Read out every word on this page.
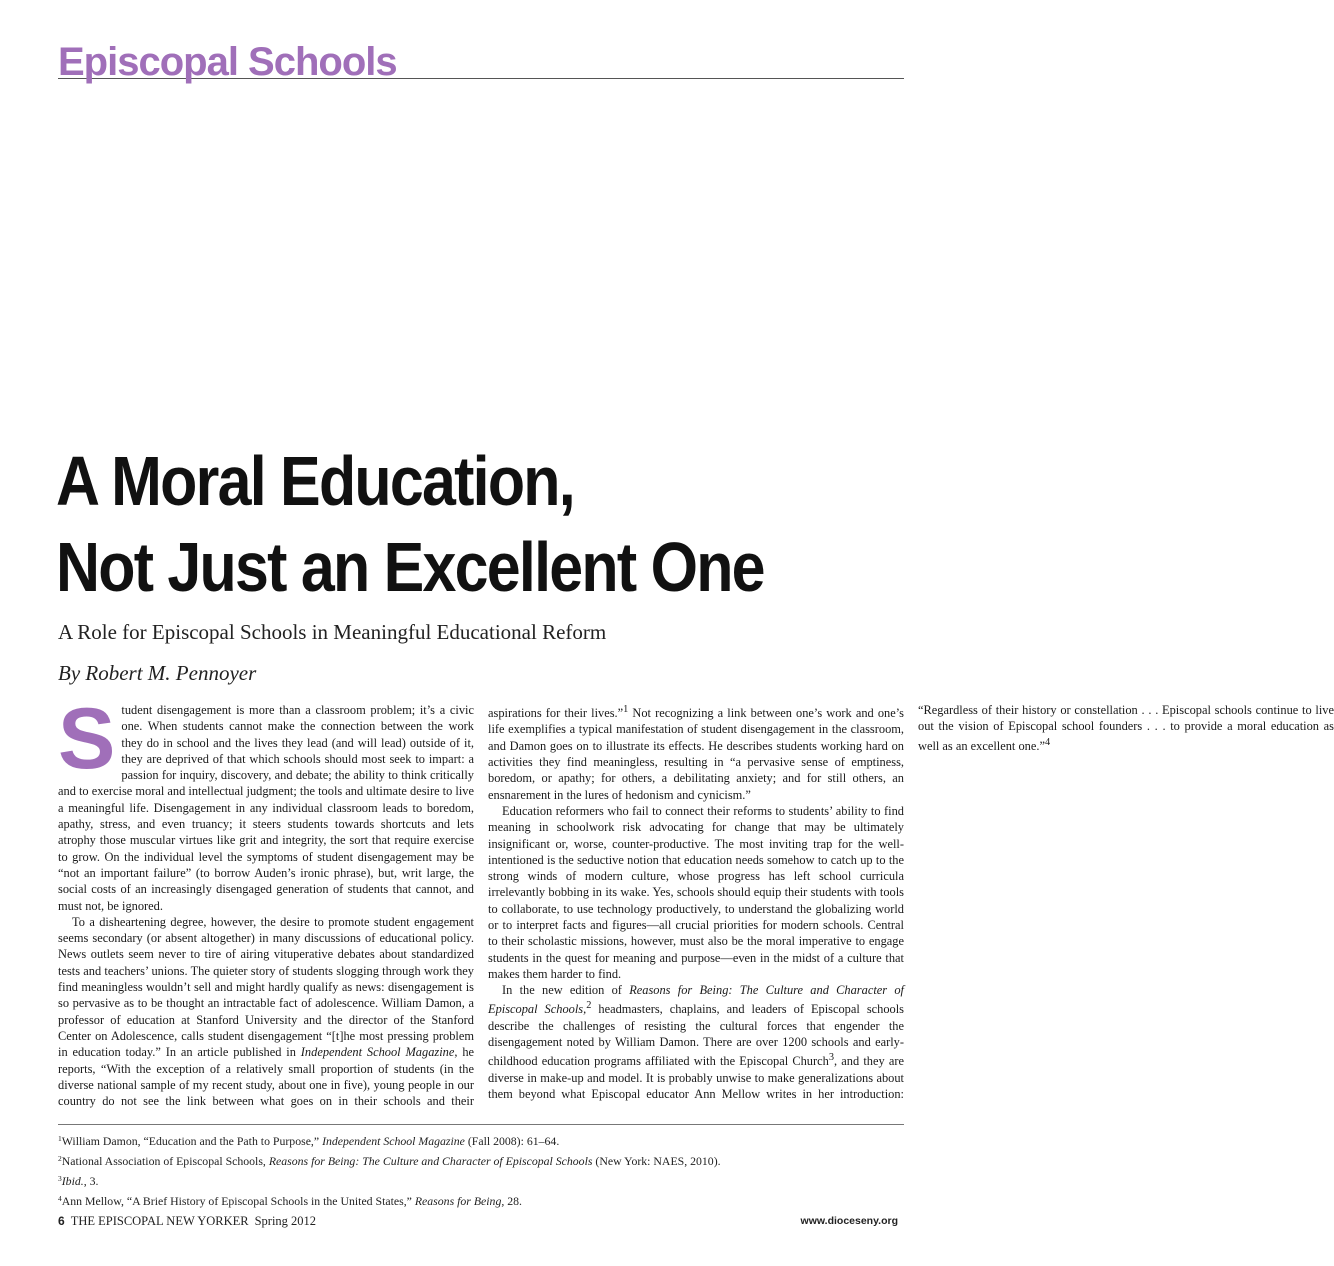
Episcopal Schools
A Moral Education,
Not Just an Excellent One
A Role for Episcopal Schools in Meaningful Educational Reform
By Robert M. Pennoyer

Student disengagement is more than a classroom problem; it’s a civic one. When students cannot make the connection between the work they do in school and the lives they lead (and will lead) outside of it, they are deprived of that which schools should most seek to impart: a passion for inquiry, discovery, and debate; the ability to think critically and to exercise moral and intellectual judgment; the tools and ultimate desire to live a meaningful life. Disengagement in any individual classroom leads to boredom, apathy, stress, and even truancy; it steers students towards shortcuts and lets atrophy those muscular virtues like grit and integrity, the sort that require exercise to grow. On the individual level the symptoms of student disengagement may be “not an important failure” (to borrow Auden’s ironic phrase), but, writ large, the social costs of an increasingly disengaged generation of students that cannot, and must not, be ignored.

To a disheartening degree, however, the desire to promote student engagement seems secondary (or absent altogether) in many discussions of educational policy. News outlets seem never to tire of airing vituperative debates about standardized tests and teachers’ unions. The quieter story of students slogging through work they find meaningless wouldn’t sell and might hardly qualify as news: disengagement is so pervasive as to be thought an intractable fact of adolescence. William Damon, a professor of education at Stanford University and the director of the Stanford Center on Adolescence, calls student disengagement “[t]he most pressing problem in education today.” In an article published in Independent School Magazine, he reports, “With the exception of a relatively small proportion of students (in the diverse national sample of my recent study, about one in five), young people in our country do not see the link between what goes on in their schools and their aspirations for their lives.”$^1$ Not recognizing a link between one’s work and one’s life exemplifies a typical manifestation of student disengagement in the classroom, and Damon goes on to illustrate its effects. He describes students working hard on activities they find meaningless, resulting in “a pervasive sense of emptiness, boredom, or apathy; for others, a debilitating anxiety; and for still others, an ensnarement in the lures of hedonism and cynicism.”

Education reformers who fail to connect their reforms to students’ ability to find meaning in schoolwork risk advocating for change that may be ultimately insignificant or, worse, counter-productive. The most inviting trap for the well-intentioned is the seductive notion that education needs somehow to catch up to the strong winds of modern culture, whose progress has left school curricula irrelevantly bobbing in its wake. Yes, schools should equip their students with tools to collaborate, to use technology productively, to understand the globalizing world or to interpret facts and figures—all crucial priorities for modern schools. Central to their scholastic missions, however, must also be the moral imperative to engage students in the quest for meaning and purpose—even in the midst of a culture that makes them harder to find.

In the new edition of Reasons for Being: The Culture and Character of Episcopal Schools,$^2$ headmasters, chaplains, and leaders of Episcopal schools describe the challenges of resisting the cultural forces that engender the disengagement noted by William Damon. There are over 1200 schools and early-childhood education programs affiliated with the Episcopal Church$^3$, and they are diverse in make-up and model. It is probably unwise to make generalizations about them beyond what Episcopal educator Ann Mellow writes in her introduction: “Regardless of their history or constellation . . . Episcopal schools continue to live out the vision of Episcopal school founders . . . to provide a moral education as well as an excellent one.”$^4$

$^1$William Damon, “Education and the Path to Purpose,” Independent School Magazine (Fall 2008): 61–64.
$^2$National Association of Episcopal Schools, Reasons for Being: The Culture and Character of Episcopal Schools (New York: NAES, 2010).
$^3$Ibid., 3.
$^4$Ann Mellow, “A Brief History of Episcopal Schools in the United States,” Reasons for Being, 28.
6 THE EPISCOPAL NEW YORKER Spring 2012	www.dioceseny.org
